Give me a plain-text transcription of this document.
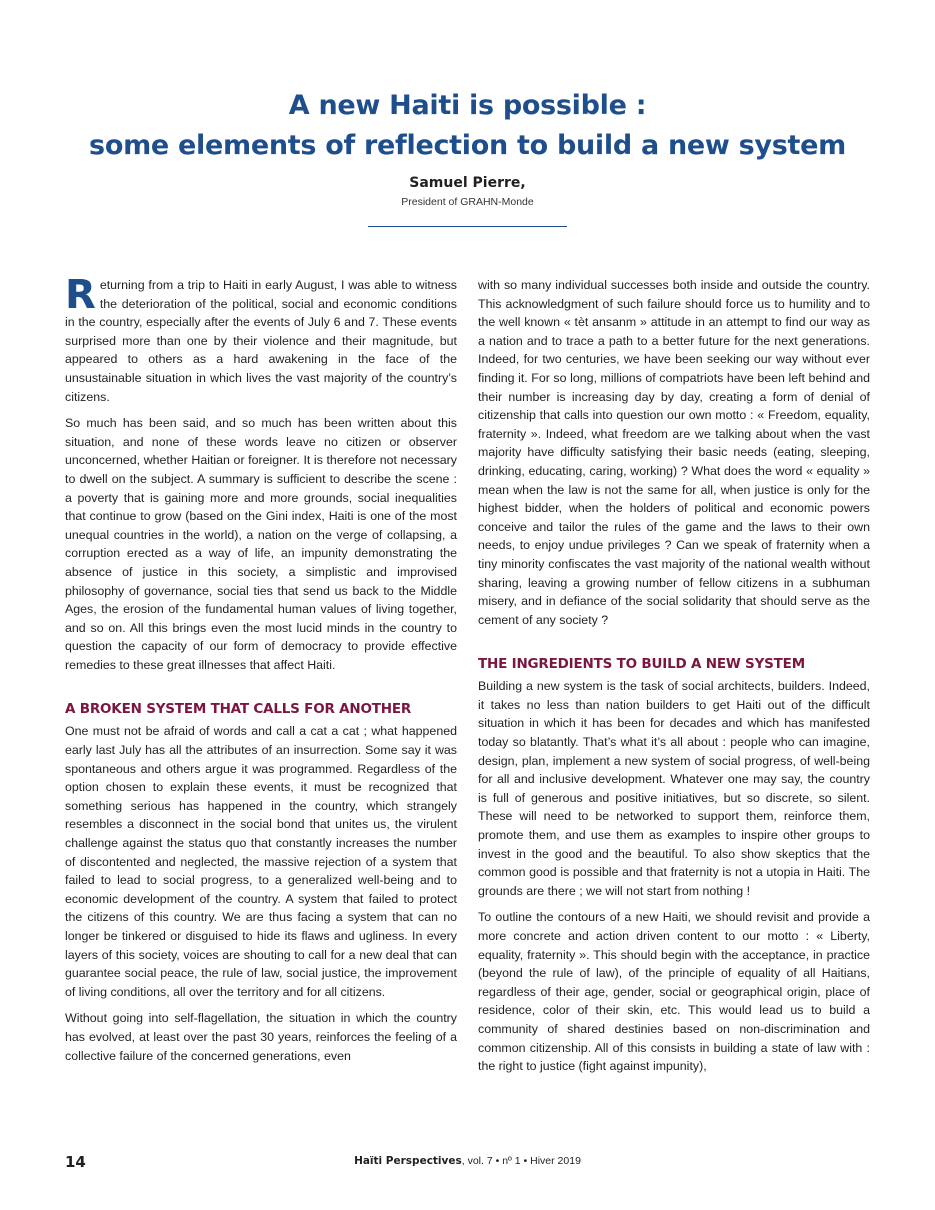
A new Haiti is possible :
some elements of reflection to build a new system
Samuel Pierre,
President of GRAHN-Monde

Returning from a trip to Haiti in early August, I was able to witness the deterioration of the political, social and economic conditions in the country, especially after the events of July 6 and 7. These events surprised more than one by their violence and their magnitude, but appeared to others as a hard awakening in the face of the unsustainable situation in which lives the vast majority of the country’s citizens.

So much has been said, and so much has been written about this situation, and none of these words leave no citizen or observer unconcerned, whether Haitian or foreigner. It is therefore not necessary to dwell on the subject. A summary is sufficient to describe the scene : a poverty that is gaining more and more grounds, social inequalities that continue to grow (based on the Gini index, Haiti is one of the most unequal countries in the world), a nation on the verge of collapsing, a corruption erected as a way of life, an impunity demonstrating the absence of justice in this society, a simplistic and improvised philosophy of governance, social ties that send us back to the Middle Ages, the erosion of the fundamental human values of living together, and so on. All this brings even the most lucid minds in the country to question the capacity of our form of democracy to provide effective remedies to these great illnesses that affect Haiti.

A BROKEN SYSTEM THAT CALLS FOR ANOTHER

One must not be afraid of words and call a cat a cat ; what happened early last July has all the attributes of an insurrection. Some say it was spontaneous and others argue it was programmed. Regardless of the option chosen to explain these events, it must be recognized that something serious has happened in the country, which strangely resembles a disconnect in the social bond that unites us, the virulent challenge against the status quo that constantly increases the number of discontented and neglected, the massive rejection of a system that failed to lead to social progress, to a generalized well-being and to economic development of the country. A system that failed to protect the citizens of this country. We are thus facing a system that can no longer be tinkered or disguised to hide its flaws and ugliness. In every layers of this society, voices are shouting to call for a new deal that can guarantee social peace, the rule of law, social justice, the improvement of living conditions, all over the territory and for all citizens.

Without going into self-flagellation, the situation in which the country has evolved, at least over the past 30 years, reinforces the feeling of a collective failure of the concerned generations, even

with so many individual successes both inside and outside the country. This acknowledgment of such failure should force us to humility and to the well known « tèt ansanm » attitude in an attempt to find our way as a nation and to trace a path to a better future for the next generations. Indeed, for two centuries, we have been seeking our way without ever finding it. For so long, millions of compatriots have been left behind and their number is increasing day by day, creating a form of denial of citizenship that calls into question our own motto : « Freedom, equality, fraternity ». Indeed, what freedom are we talking about when the vast majority have difficulty satisfying their basic needs (eating, sleeping, drinking, educating, caring, working) ? What does the word « equality » mean when the law is not the same for all, when justice is only for the highest bidder, when the holders of political and economic powers conceive and tailor the rules of the game and the laws to their own needs, to enjoy undue privileges ? Can we speak of fraternity when a tiny minority confiscates the vast majority of the national wealth without sharing, leaving a growing number of fellow citizens in a subhuman misery, and in defiance of the social solidarity that should serve as the cement of any society ?

THE INGREDIENTS TO BUILD A NEW SYSTEM

Building a new system is the task of social architects, builders. Indeed, it takes no less than nation builders to get Haiti out of the difficult situation in which it has been for decades and which has manifested today so blatantly. That’s what it’s all about : people who can imagine, design, plan, implement a new system of social progress, of well-being for all and inclusive development. Whatever one may say, the country is full of generous and positive initiatives, but so discrete, so silent. These will need to be networked to support them, reinforce them, promote them, and use them as examples to inspire other groups to invest in the good and the beautiful. To also show skeptics that the common good is possible and that fraternity is not a utopia in Haiti. The grounds are there ; we will not start from nothing !

To outline the contours of a new Haiti, we should revisit and provide a more concrete and action driven content to our motto : « Liberty, equality, fraternity ». This should begin with the acceptance, in practice (beyond the rule of law), of the principle of equality of all Haitians, regardless of their age, gender, social or geographical origin, place of residence, color of their skin, etc. This would lead us to build a community of shared destinies based on non-discrimination and common citizenship. All of this consists in building a state of law with : the right to justice (fight against impunity),

14	Haïti Perspectives, vol. 7 • nº 1 • Hiver 2019
